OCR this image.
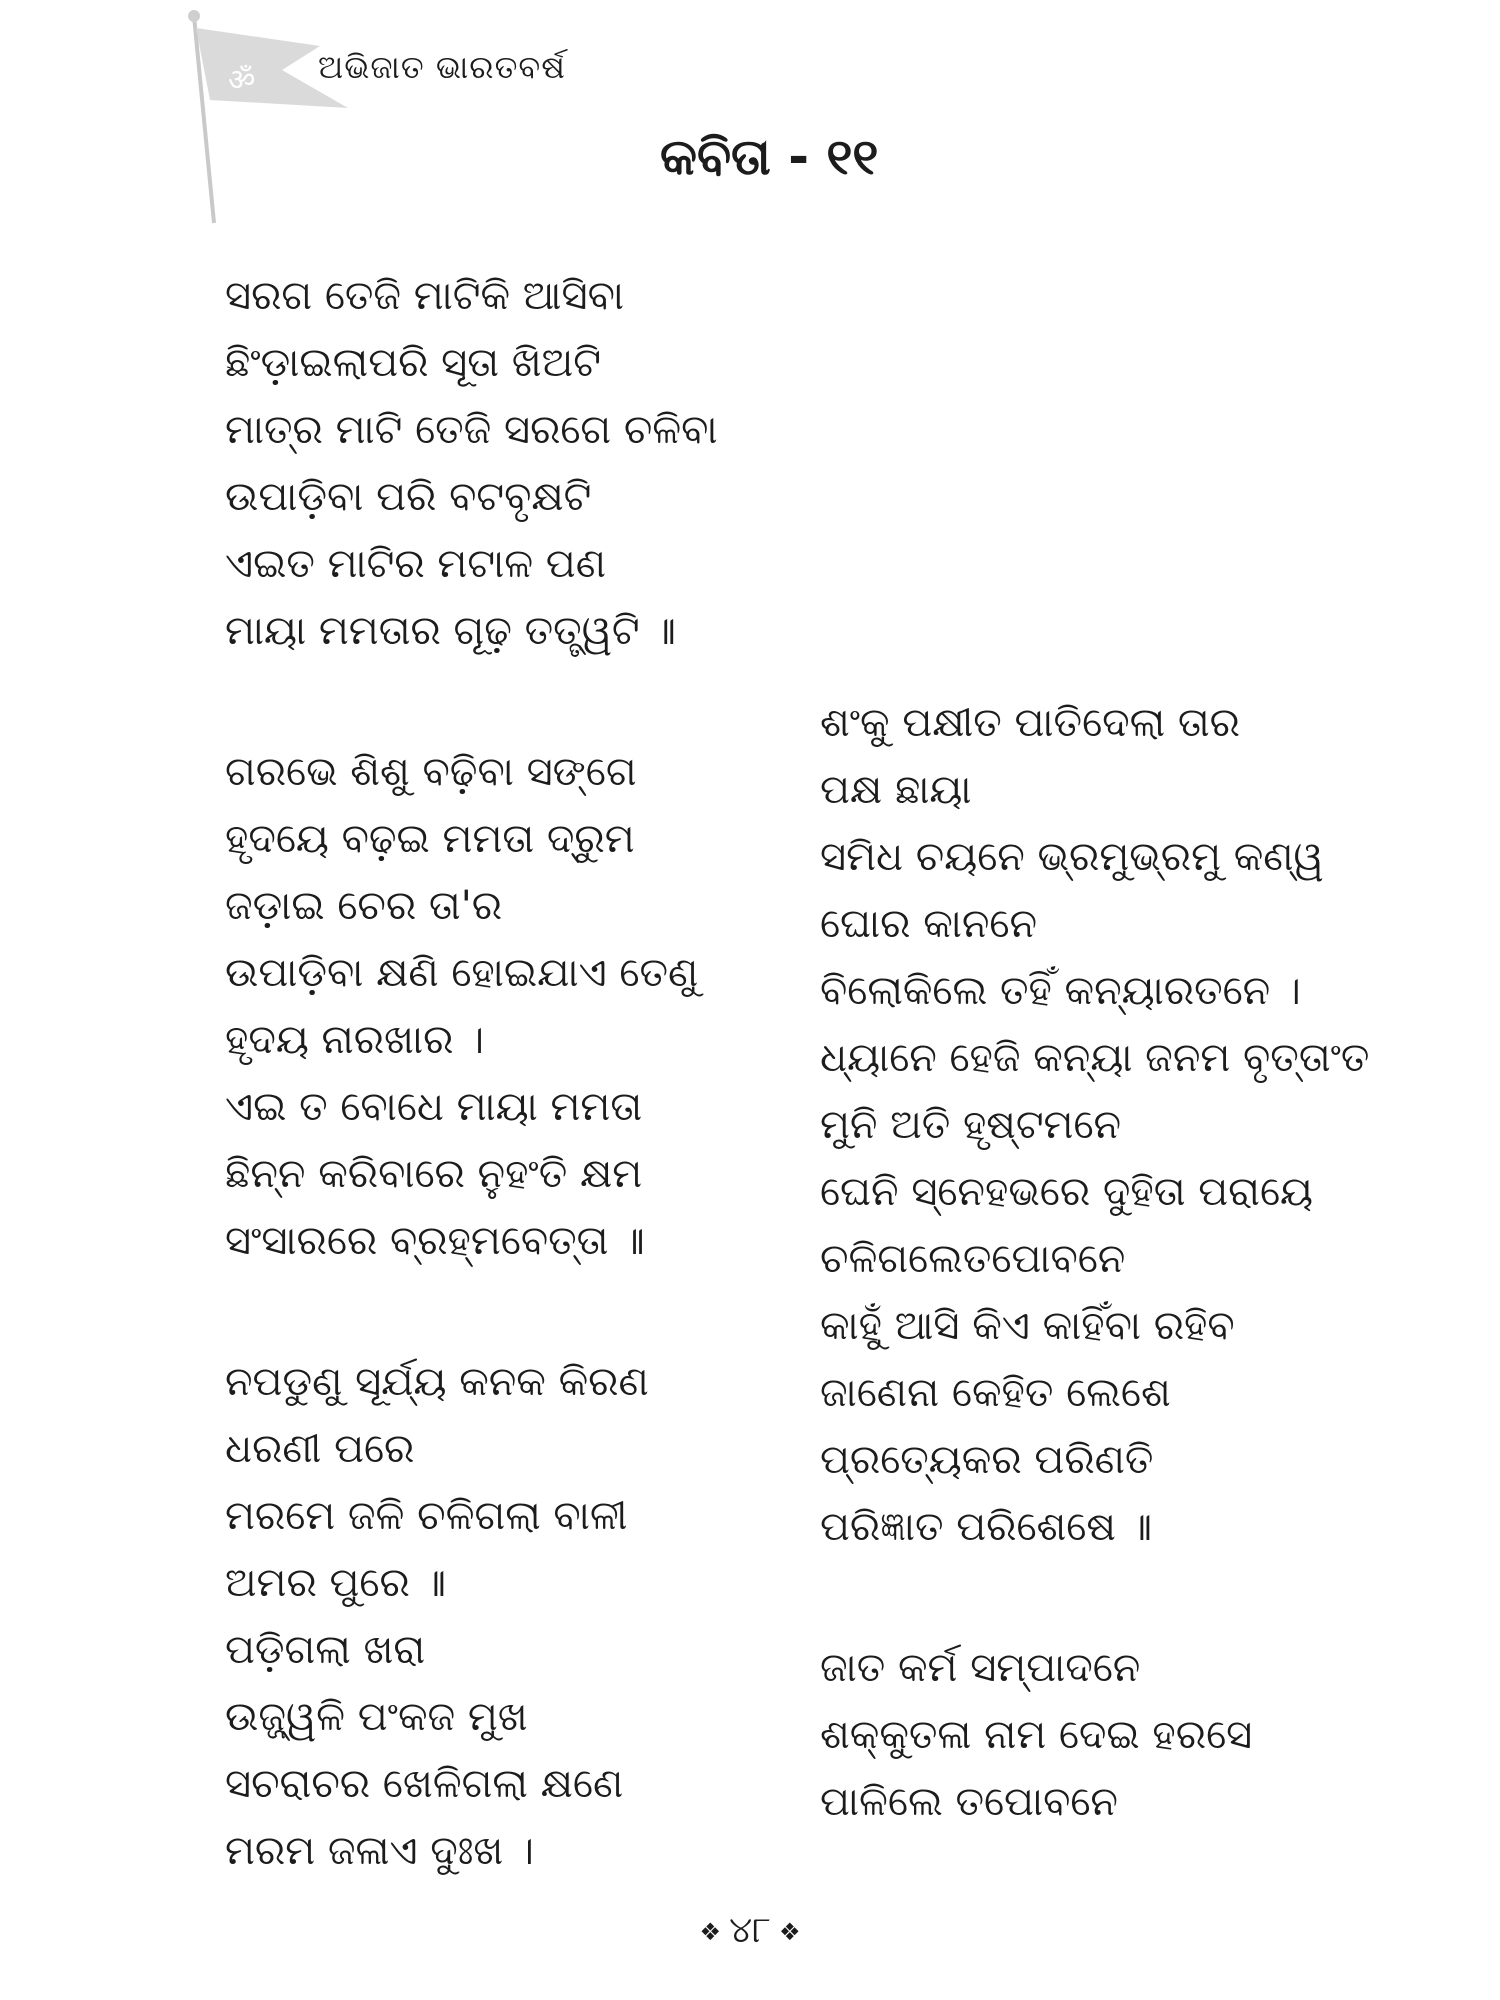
ॐ ଅଭିଜାତ ଭାରତବର୍ଷ
କବିତା - ୧୧
ସରଗ ତେଜି ମାଟିକି ଆସିବା
ଛିଂଡ଼ାଇଲାପରି ସୂତା ଖିଅଟି
ମାତ୍ର ମାଟି ତେଜି ସରଗେ ଚଳିବା
ଉପାଡ଼ିବା ପରି ବଟବୃକ୍ଷଟି
ଏଇତ ମାଟିର ମଟାଳ ପଣ
ମାୟା ମମତାର ଗୂଢ଼ ତତ୍ତ୍ୱଟି ॥
ଗରଭେ ଶିଶୁ ବଢ଼ିବା ସଙ୍ଗେ
ହୃଦୟେ ବଢ଼ଇ ମମତା ଦ୍ରୁମ
ଜଡ଼ାଇ ଚେର ତା'ର
ଉପାଡ଼ିବା କ୍ଷଣି ହୋଇଯାଏ ତେଣୁ
ହୃଦୟ ନାରଖାର ।
ଏଇ ତ ବୋଧେ ମାୟା ମମତା
ଛିନ୍ନ କରିବାରେ ନୁହଂତି କ୍ଷମ
ସଂସାରରେ ବ୍ରହ୍ମବେତ୍ତା ॥
ନପଡୁଣୁ ସୂର୍ଯ୍ୟ କନକ କିରଣ
ଧରଣୀ ପରେ
ମରମେ ଜଳି ଚଳିଗଲା ବାଳୀ
ଅମର ପୁରେ ॥
ପଡ଼ିଗଲା ଖରା
ଉଜ୍ଜ୍ୱଳି ପଂକଜ ମୁଖ
ସଚରାଚର ଖେଳିଗଲା କ୍ଷଣେ
ମରମ ଜଳାଏ ଦୁଃଖ ।
ଶଂକୁ ପକ୍ଷୀତ ପାତିଦେଲା ତାର
ପକ୍ଷ ଛାୟା
ସମିଧ ଚୟନେ ଭ୍ରମୁଭ୍ରମୁ କଣ୍ୱ
ଘୋର କାନନେ
ବିଲୋକିଲେ ତହିଁ କନ୍ୟାରତନେ ।
ଧ୍ୟାନେ ହେଜି କନ୍ୟା ଜନମ ବୃତ୍ତାଂତ
ମୁନି ଅତି ହୃଷ୍ଟମନେ
ଘେନି ସ୍ନେହଭରେ ଦୁହିତା ପରାୟେ
ଚଳିଗଲେତପୋବନେ
କାହୁଁ ଆସି କିଏ କାହିଁବା ରହିବ
ଜାଣେନା କେହିତ ଲେଶେ
ପ୍ରତ୍ୟେକର ପରିଣତି
ପରିଜ୍ଞାତ ପରିଶେଷେ ॥
ଜାତ କର୍ମ ସମ୍ପାଦନେ
ଶକ୍କୁତଳା ନାମ ଦେଇ ହରସେ
ପାଳିଲେ ତପୋବନେ
❖ ୪୮ ❖
